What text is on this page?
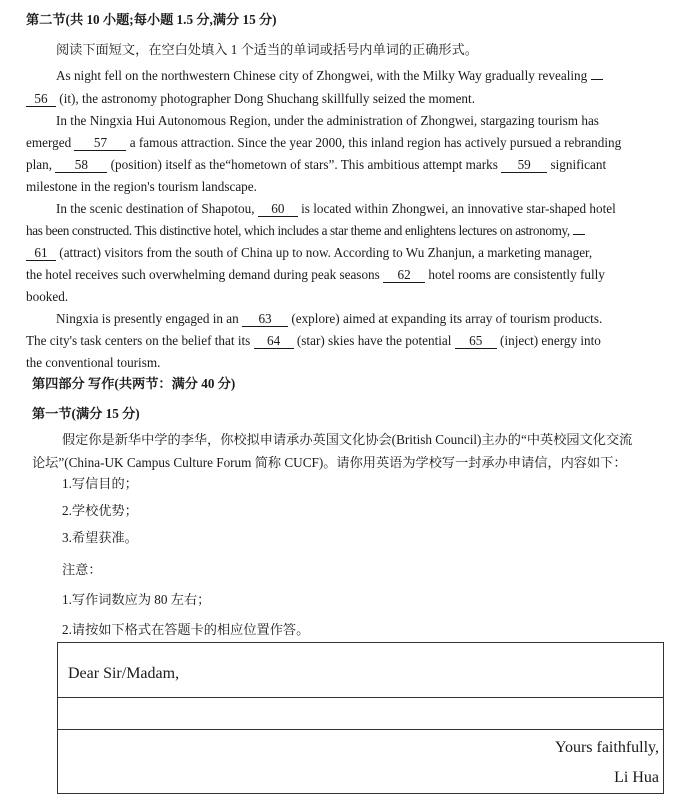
第二节(共 10 小题;每小题 1.5 分,满分 15 分)
阅读下面短文，在空白处填入 1 个适当的单词或括号内单词的正确形式。
As night fell on the northwestern Chinese city of Zhongwei, with the Milky Way gradually revealing
56 (it), the astronomy photographer Dong Shuchang skillfully seized the moment.
In the Ningxia Hui Autonomous Region, under the administration of Zhongwei, stargazing tourism has
emerged 57 a famous attraction. Since the year 2000, this inland region has actively pursued a rebranding
plan, 58 (position) itself as the“hometown of stars”. This ambitious attempt marks 59 significant
milestone in the region's tourism landscape.
In the scenic destination of Shapotou, 60 is located within Zhongwei, an innovative star-shaped hotel
has been constructed. This distinctive hotel, which includes a star theme and enlightens lectures on astronomy,
61 (attract) visitors from the south of China up to now. According to Wu Zhanjun, a marketing manager,
the hotel receives such overwhelming demand during peak seasons 62 hotel rooms are consistently fully
booked.
Ningxia is presently engaged in an 63 (explore) aimed at expanding its array of tourism products.
The city's task centers on the belief that its 64 (star) skies have the potential 65 (inject) energy into
the conventional tourism.
第四部分 写作(共两节：满分 40 分)
第一节(满分 15 分)
假定你是新华中学的李华，你校拟申请承办英国文化协会(British Council)主办的“中英校园文化交流
论坛”(China-UK Campus Culture Forum 简称 CUCF)。请你用英语为学校写一封承办申请信，内容如下：
1.写信目的；
2.学校优势；
3.希望获准。
注意：
1.写作词数应为 80 左右；
2.请按如下格式在答题卡的相应位置作答。
Dear Sir/Madam,
Yours faithfully,
Li Hua
